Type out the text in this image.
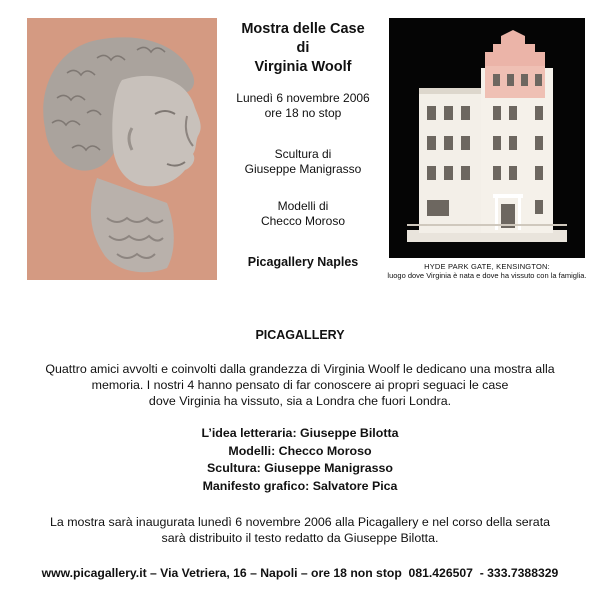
Mostra delle Case
di
Virginia Woolf
Lunedì 6 novembre 2006
ore 18 no stop
Scultura di
Giuseppe Manigrasso
Modelli di
Checco Moroso
Picagallery Naples	HYDE PARK GATE, KENSINGTON:
luogo dove Virginia è nata e dove ha vissuto con la famiglia.
PICAGALLERY
Quattro amici avvolti e coinvolti dalla grandezza di Virginia Woolf le dedicano una mostra alla
memoria. I nostri 4 hanno pensato di far conoscere ai propri seguaci le case
dove Virginia ha vissuto, sia a Londra che fuori Londra.
L’idea letteraria: Giuseppe Bilotta
Modelli: Checco Moroso
Scultura: Giuseppe Manigrasso
Manifesto grafico: Salvatore Pica
La mostra sarà inaugurata lunedì 6 novembre 2006 alla Picagallery e nel corso della serata
sarà distribuito il testo redatto da Giuseppe Bilotta.
www.picagallery.it – Via Vetriera, 16 – Napoli – ore 18 non stop  081.426507  - 333.7388329
